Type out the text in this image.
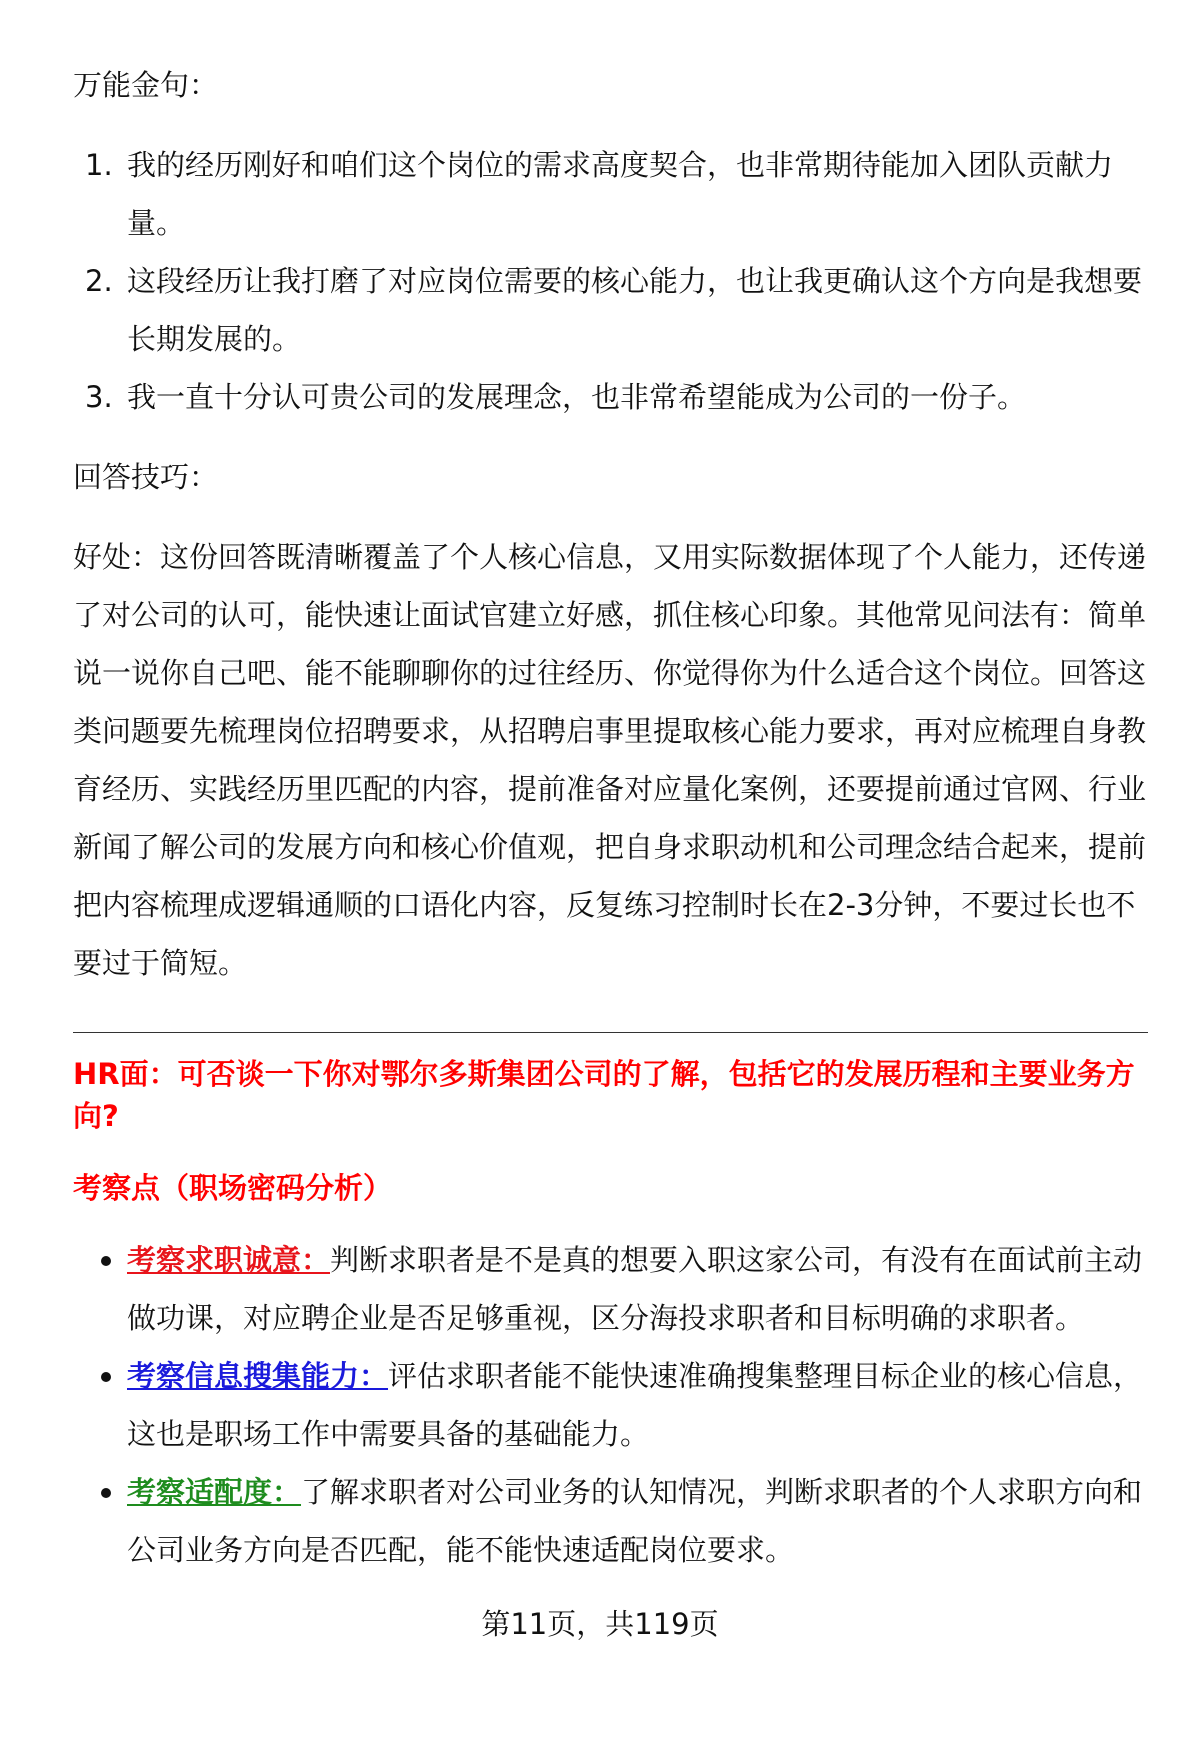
万能金句：
1. 我的经历刚好和咱们这个岗位的需求高度契合，也非常期待能加入团队贡献力量。
2. 这段经历让我打磨了对应岗位需要的核心能力，也让我更确认这个方向是我想要长期发展的。
3. 我一直十分认可贵公司的发展理念，也非常希望能成为公司的一份子。
回答技巧：
好处：这份回答既清晰覆盖了个人核心信息，又用实际数据体现了个人能力，还传递了对公司的认可，能快速让面试官建立好感，抓住核心印象。其他常见问法有：简单说一说你自己吧、能不能聊聊你的过往经历、你觉得你为什么适合这个岗位。回答这类问题要先梳理岗位招聘要求，从招聘启事里提取核心能力要求，再对应梳理自身教育经历、实践经历里匹配的内容，提前准备对应量化案例，还要提前通过官网、行业新闻了解公司的发展方向和核心价值观，把自身求职动机和公司理念结合起来，提前把内容梳理成逻辑通顺的口语化内容，反复练习控制时长在2-3分钟，不要过长也不要过于简短。
HR面：可否谈一下你对鄂尔多斯集团公司的了解，包括它的发展历程和主要业务方向?
考察点（职场密码分析）
考察求职诚意：判断求职者是不是真的想要入职这家公司，有没有在面试前主动做功课，对应聘企业是否足够重视，区分海投求职者和目标明确的求职者。
考察信息搜集能力：评估求职者能不能快速准确搜集整理目标企业的核心信息，这也是职场工作中需要具备的基础能力。
考察适配度：了解求职者对公司业务的认知情况，判断求职者的个人求职方向和公司业务方向是否匹配，能不能快速适配岗位要求。
第11页，共119页
